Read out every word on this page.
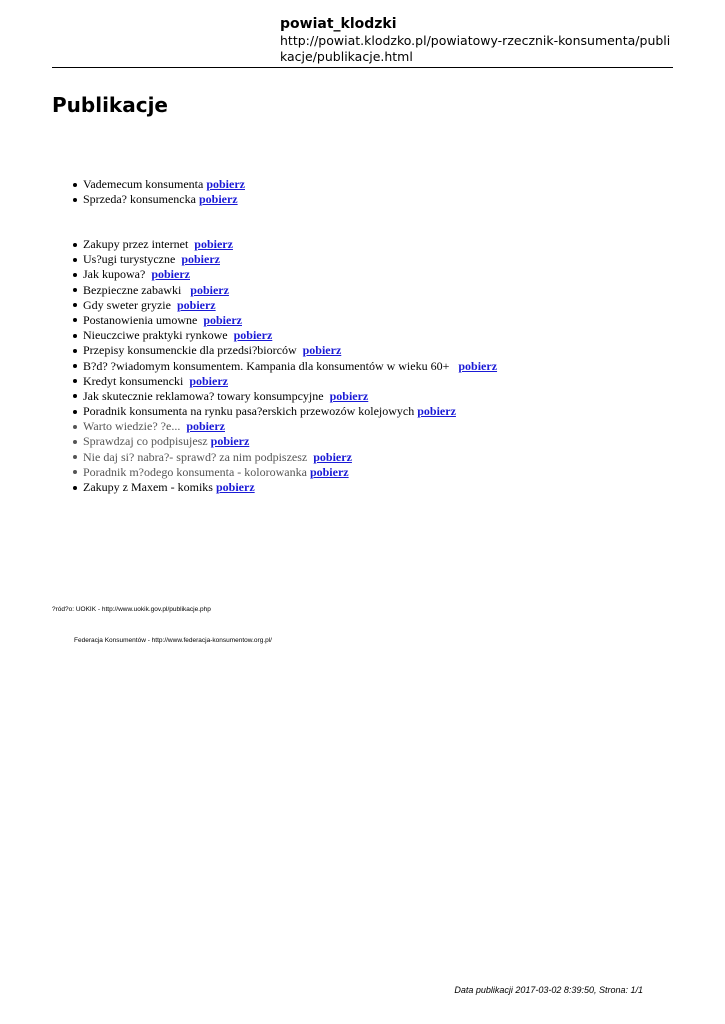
powiat_klodzki
http://powiat.klodzko.pl/powiatowy-rzecznik-konsumenta/publikacje/publikacje.html
Publikacje
Vademecum konsumenta pobierz
Sprzeda? konsumencka pobierz
Zakupy przez internet pobierz
Us?ugi turystyczne pobierz
Jak kupowa? pobierz
Bezpieczne zabawki pobierz
Gdy sweter gryzie pobierz
Postanowienia umowne pobierz
Nieuczciwe praktyki rynkowe pobierz
Przepisy konsumenckie dla przedsi?biorców pobierz
B?d? ?wiadomym konsumentem. Kampania dla konsumentów w wieku 60+ pobierz
Kredyt konsumencki pobierz
Jak skutecznie reklamowa? towary konsumpcyjne pobierz
Poradnik konsumenta na rynku pasa?erskich przewozów kolejowych pobierz
Warto wiedzie? ?e... pobierz
Sprawdzaj co podpisujesz pobierz
Nie daj si? nabra?- sprawd? za nim podpiszesz pobierz
Poradnik m?odego konsumenta - kolorowanka pobierz
Zakupy z Maxem - komiks pobierz
?ród?o: UOKIK - http://www.uokik.gov.pl/publikacje.php
Federacja Konsumentów - http://www.federacja-konsumentow.org.pl/
Data publikacji 2017-03-02 8:39:50, Strona: 1/1
